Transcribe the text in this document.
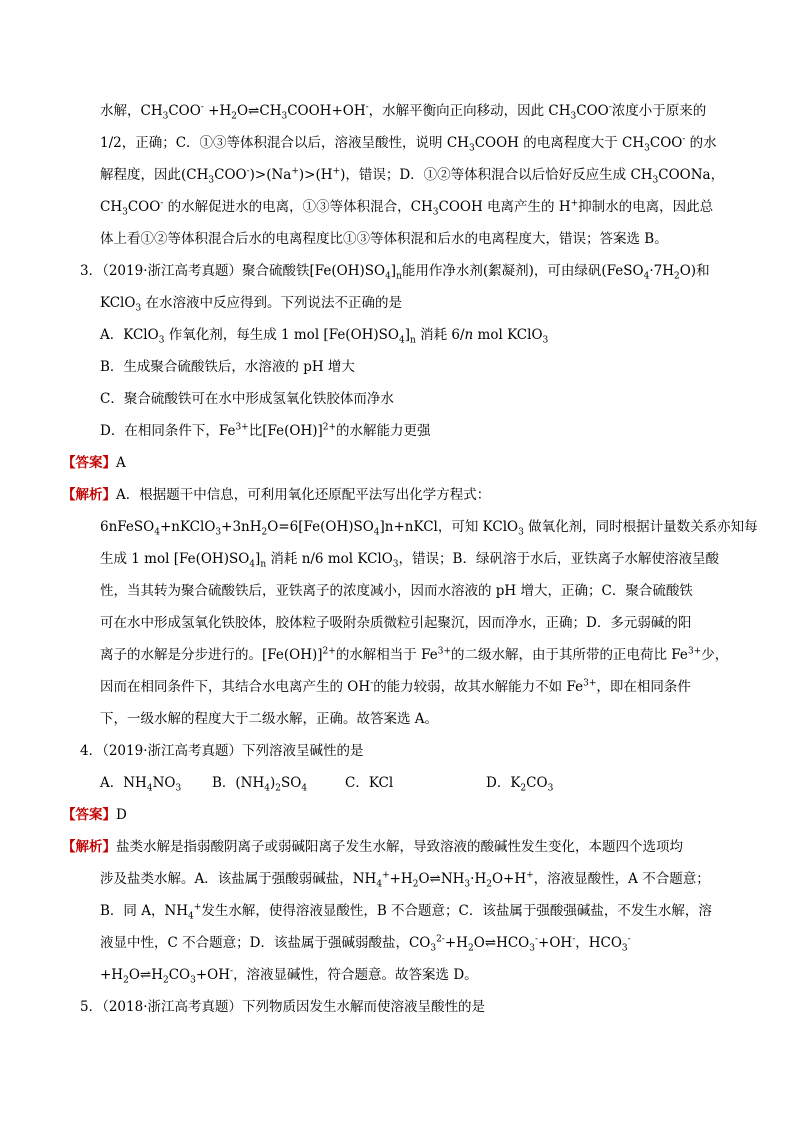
水解，$CH_3COO^-$ $+H_2O\rightleftharpoons CH_3COOH+OH^-$，水解平衡向正向移动，因此 $CH_3COO^-$浓度小于原来的
1/2，正确；C．①③等体积混合以后，溶液呈酸性，说明 $CH_3COOH$ 的电离程度大于 $CH_3COO^-$ 的水
解程度，因此$(CH_3COO^-)>(Na^+)>(H^+)$，错误；D．①②等体积混合以后恰好反应生成 $CH_3COONa$，
$CH_3COO^-$ 的水解促进水的电离，①③等体积混合，$CH_3COOH$ 电离产生的 H+抑制水的电离，因此总
体上看①②等体积混合后水的电离程度比①③等体积混和后水的电离程度大，错误；答案选 B。
3．（2019·浙江高考真题）聚合硫酸铁$[Fe(OH)SO_4]_n$能用作净水剂(絮凝剂)，可由绿矾$(FeSO_4\cdot 7H_2O)$和
KClO$_3$ 在水溶液中反应得到。下列说法不正确的是
A．KClO$_3$ 作氧化剂，每生成 1 mol $[Fe(OH)SO_4]_n$ 消耗 6/n mol KClO$_3$
B．生成聚合硫酸铁后，水溶液的 pH 增大
C．聚合硫酸铁可在水中形成氢氧化铁胶体而净水
D．在相同条件下，$Fe^{3+}$比$[Fe(OH)]^{2+}$的水解能力更强
【答案】A
【解析】A．根据题干中信息，可利用氧化还原配平法写出化学方程式：
$6nFeSO_4+nKClO_3+3nH_2O=6[Fe(OH)SO_4]n+nKCl$，可知 KClO$_3$ 做氧化剂，同时根据计量数关系亦知每
生成 1 mol $[Fe(OH)SO_4]_n$ 消耗 n/6 mol KClO$_3$，错误；B．绿矾溶于水后，亚铁离子水解使溶液呈酸
性，当其转为聚合硫酸铁后，亚铁离子的浓度减小，因而水溶液的 pH 增大，正确；C．聚合硫酸铁
可在水中形成氢氧化铁胶体，胶体粒子吸附杂质微粒引起聚沉，因而净水，正确；D．多元弱碱的阳
离子的水解是分步进行的。$[Fe(OH)]^{2+}$的水解相当于 $Fe^{3+}$的二级水解，由于其所带的正电荷比 $Fe^{3+}$少，
因而在相同条件下，其结合水电离产生的 OH-的能力较弱，故其水解能力不如 $Fe^{3+}$，即在相同条件
下，一级水解的程度大于二级水解，正确。故答案选 A。
4．（2019·浙江高考真题）下列溶液呈碱性的是
A．$NH_4NO_3$ B．$(NH_4)_2SO_4$	C．KCl	D．$K_2CO_3$
【答案】D
【解析】盐类水解是指弱酸阴离子或弱碱阳离子发生水解，导致溶液的酸碱性发生变化，本题四个选项均
涉及盐类水解。A．该盐属于强酸弱碱盐，$NH_4^++H_2O\rightleftharpoons NH_3\cdot H_2O+H^+$，溶液显酸性，A 不合题意；
B．同 A，$NH_4^+$发生水解，使得溶液显酸性，B 不合题意；C．该盐属于强酸强碱盐，不发生水解，溶
液显中性，C 不合题意；D．该盐属于强碱弱酸盐，$CO_3^{2-}+H_2O\rightleftharpoons HCO_3^-+OH^-$，$HCO_3^-$
$+H_2O\rightleftharpoons H_2CO_3+OH^-$，溶液显碱性，符合题意。故答案选 D。
5．（2018·浙江高考真题）下列物质因发生水解而使溶液呈酸性的是
